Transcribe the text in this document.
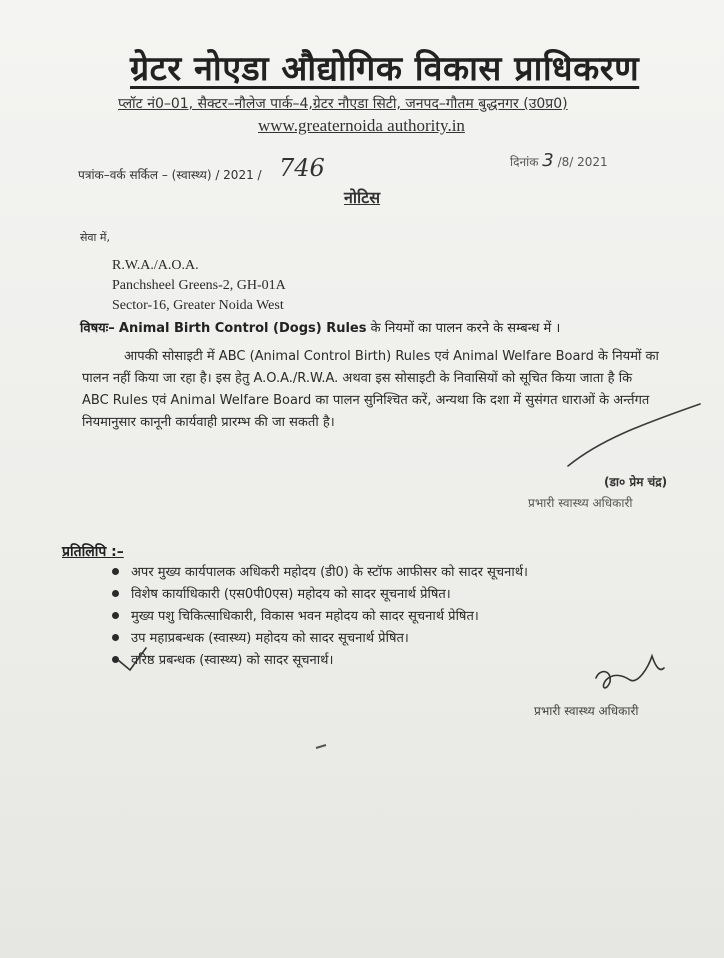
ग्रेटर नोएडा औद्योगिक विकास प्राधिकरण
प्लॉट नं0–01, सैक्टर–नौलेज पार्क–4,ग्रेटर नौएडा सिटी, जनपद–गौतम बुद्धनगर (उ0प्र0)
www.greaternoida authority.in
पत्रांक–वर्क सर्किल – (स्वास्थ्य) / 2021 / 746	दिनांक 3 /8/ 2021
नोटिस
सेवा में,
R.W.A./A.O.A.
Panchsheel Greens-2, GH-01A
Sector-16, Greater Noida West
विषयः– Animal Birth Control (Dogs) Rules के नियमों का पालन करने के सम्बन्ध में ।
आपकी सोसाइटी में ABC (Animal Control Birth) Rules एवं Animal Welfare Board के नियमों का
पालन नहीं किया जा रहा है। इस हेतु A.O.A./R.W.A. अथवा इस सोसाइटी के निवासियों को सूचित किया जाता है कि
ABC Rules एवं Animal Welfare Board का पालन सुनिश्चित करें, अन्यथा कि दशा में सुसंगत धाराओं के अर्न्तगत
नियमानुसार कानूनी कार्यवाही प्रारम्भ की जा सकती है।
(डा० प्रेम चंद्र)
प्रभारी स्वास्थ्य अधिकारी
प्रतिलिपि :–
अपर मुख्य कार्यपालक अधिकरी महोदय (डी0) के स्टॉफ आफीसर को सादर सूचनार्थ।
विशेष कार्याधिकारी (एस0पी0एस) महोदय को सादर सूचनार्थ प्रेषित।
मुख्य पशु चिकित्साधिकारी, विकास भवन महोदय को सादर सूचनार्थ प्रेषित।
उप महाप्रबन्धक (स्वास्थ्य) महोदय को सादर सूचनार्थ प्रेषित।
वरिष्ठ प्रबन्धक (स्वास्थ्य) को सादर सूचनार्थ।
प्रभारी स्वास्थ्य अधिकारी
